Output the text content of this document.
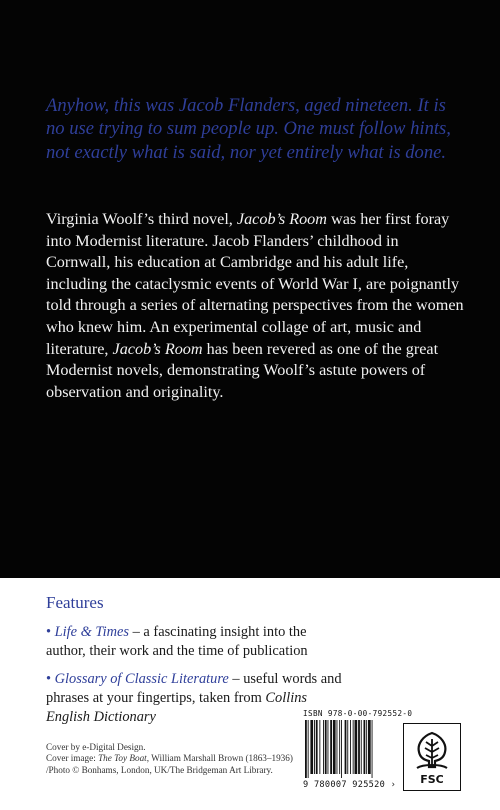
Anyhow, this was Jacob Flanders, aged nineteen. It is no use trying to sum people up. One must follow hints, not exactly what is said, nor yet entirely what is done.

Virginia Woolf’s third novel, Jacob’s Room was her first foray into Modernist literature. Jacob Flanders’ childhood in Cornwall, his education at Cambridge and his adult life, including the cataclysmic events of World War I, are poignantly told through a series of alternating perspectives from the women who knew him. An experimental collage of art, music and literature, Jacob’s Room has been revered as one of the great Modernist novels, demonstrating Woolf’s astute powers of observation and originality.

Features

• Life & Times – a fascinating insight into the author, their work and the time of publication

• Glossary of Classic Literature – useful words and phrases at your fingertips, taken from Collins English Dictionary

Cover by e-Digital Design.
Cover image: The Toy Boat, William Marshall Brown (1863–1936)
/Photo © Bonhams, London, UK/The Bridgeman Art Library.

ISBN 978-0-00-792552-0
9 780007 925520 ›	FSC
